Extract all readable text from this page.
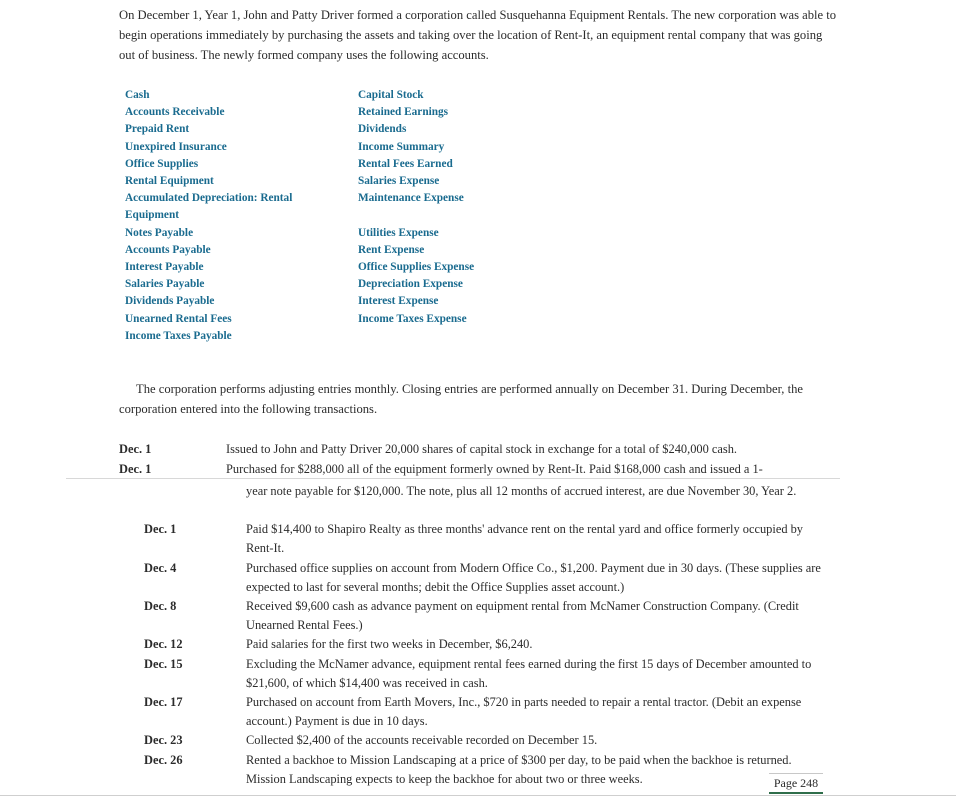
On December 1, Year 1, John and Patty Driver formed a corporation called Susquehanna Equipment Rentals. The new corporation was able to begin operations immediately by purchasing the assets and taking over the location of Rent-It, an equipment rental company that was going out of business. The newly formed company uses the following accounts.

Cash
Accounts Receivable
Prepaid Rent
Unexpired Insurance
Office Supplies
Rental Equipment
Accumulated Depreciation: Rental Equipment
Notes Payable
Accounts Payable
Interest Payable
Salaries Payable
Dividends Payable
Unearned Rental Fees
Income Taxes Payable
Capital Stock
Retained Earnings
Dividends
Income Summary
Rental Fees Earned
Salaries Expense
Maintenance Expense
Utilities Expense
Rent Expense
Office Supplies Expense
Depreciation Expense
Interest Expense
Income Taxes Expense

The corporation performs adjusting entries monthly. Closing entries are performed annually on December 31. During December, the corporation entered into the following transactions.

Dec. 1	Issued to John and Patty Driver 20,000 shares of capital stock in exchange for a total of $240,000 cash.
Dec. 1	Purchased for $288,000 all of the equipment formerly owned by Rent-It. Paid $168,000 cash and issued a 1-
year note payable for $120,000. The note, plus all 12 months of accrued interest, are due November 30, Year 2.
Dec. 1	Paid $14,400 to Shapiro Realty as three months' advance rent on the rental yard and office formerly occupied by Rent-It.
Dec. 4	Purchased office supplies on account from Modern Office Co., $1,200. Payment due in 30 days. (These supplies are expected to last for several months; debit the Office Supplies asset account.)
Dec. 8	Received $9,600 cash as advance payment on equipment rental from McNamer Construction Company. (Credit Unearned Rental Fees.)
Dec. 12	Paid salaries for the first two weeks in December, $6,240.
Dec. 15	Excluding the McNamer advance, equipment rental fees earned during the first 15 days of December amounted to $21,600, of which $14,400 was received in cash.
Dec. 17	Purchased on account from Earth Movers, Inc., $720 in parts needed to repair a rental tractor. (Debit an expense account.) Payment is due in 10 days.
Dec. 23	Collected $2,400 of the accounts receivable recorded on December 15.
Dec. 26	Rented a backhoe to Mission Landscaping at a price of $300 per day, to be paid when the backhoe is returned. Mission Landscaping expects to keep the backhoe for about two or three weeks.	Page 248
